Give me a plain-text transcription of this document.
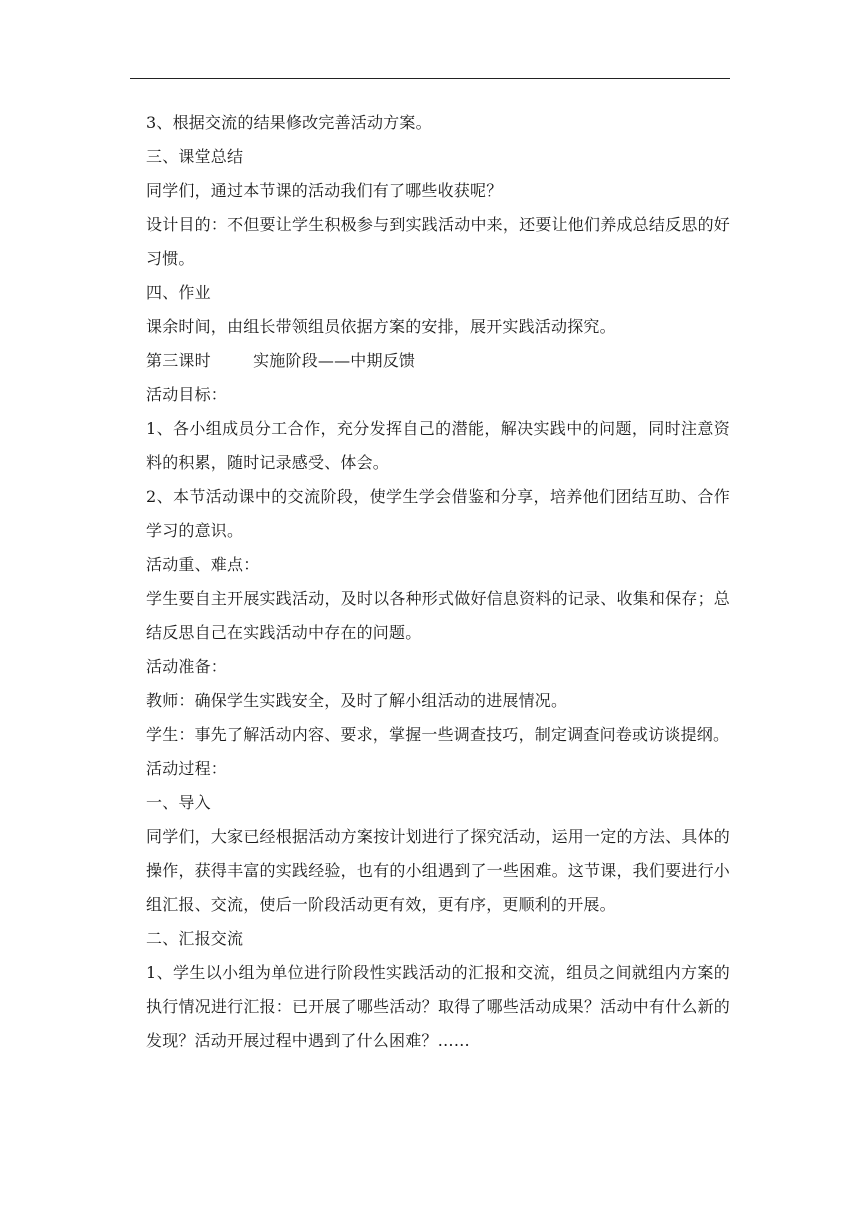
3、根据交流的结果修改完善活动方案。

三、课堂总结

同学们，通过本节课的活动我们有了哪些收获呢？

设计目的：不但要让学生积极参与到实践活动中来，还要让他们养成总结反思的好习惯。

四、作业

课余时间，由组长带领组员依据方案的安排，展开实践活动探究。

第三课时        实施阶段——中期反馈

活动目标：

1、各小组成员分工合作，充分发挥自己的潜能，解决实践中的问题，同时注意资料的积累，随时记录感受、体会。

2、本节活动课中的交流阶段，使学生学会借鉴和分享，培养他们团结互助、合作学习的意识。

活动重、难点：

学生要自主开展实践活动，及时以各种形式做好信息资料的记录、收集和保存；总结反思自己在实践活动中存在的问题。

活动准备：

教师：确保学生实践安全，及时了解小组活动的进展情况。

学生：事先了解活动内容、要求，掌握一些调查技巧，制定调查问卷或访谈提纲。

活动过程：

一、导入

同学们，大家已经根据活动方案按计划进行了探究活动，运用一定的方法、具体的操作，获得丰富的实践经验，也有的小组遇到了一些困难。这节课，我们要进行小组汇报、交流，使后一阶段活动更有效，更有序，更顺利的开展。

二、汇报交流

1、学生以小组为单位进行阶段性实践活动的汇报和交流，组员之间就组内方案的执行情况进行汇报：已开展了哪些活动？取得了哪些活动成果？活动中有什么新的发现？活动开展过程中遇到了什么困难？……
